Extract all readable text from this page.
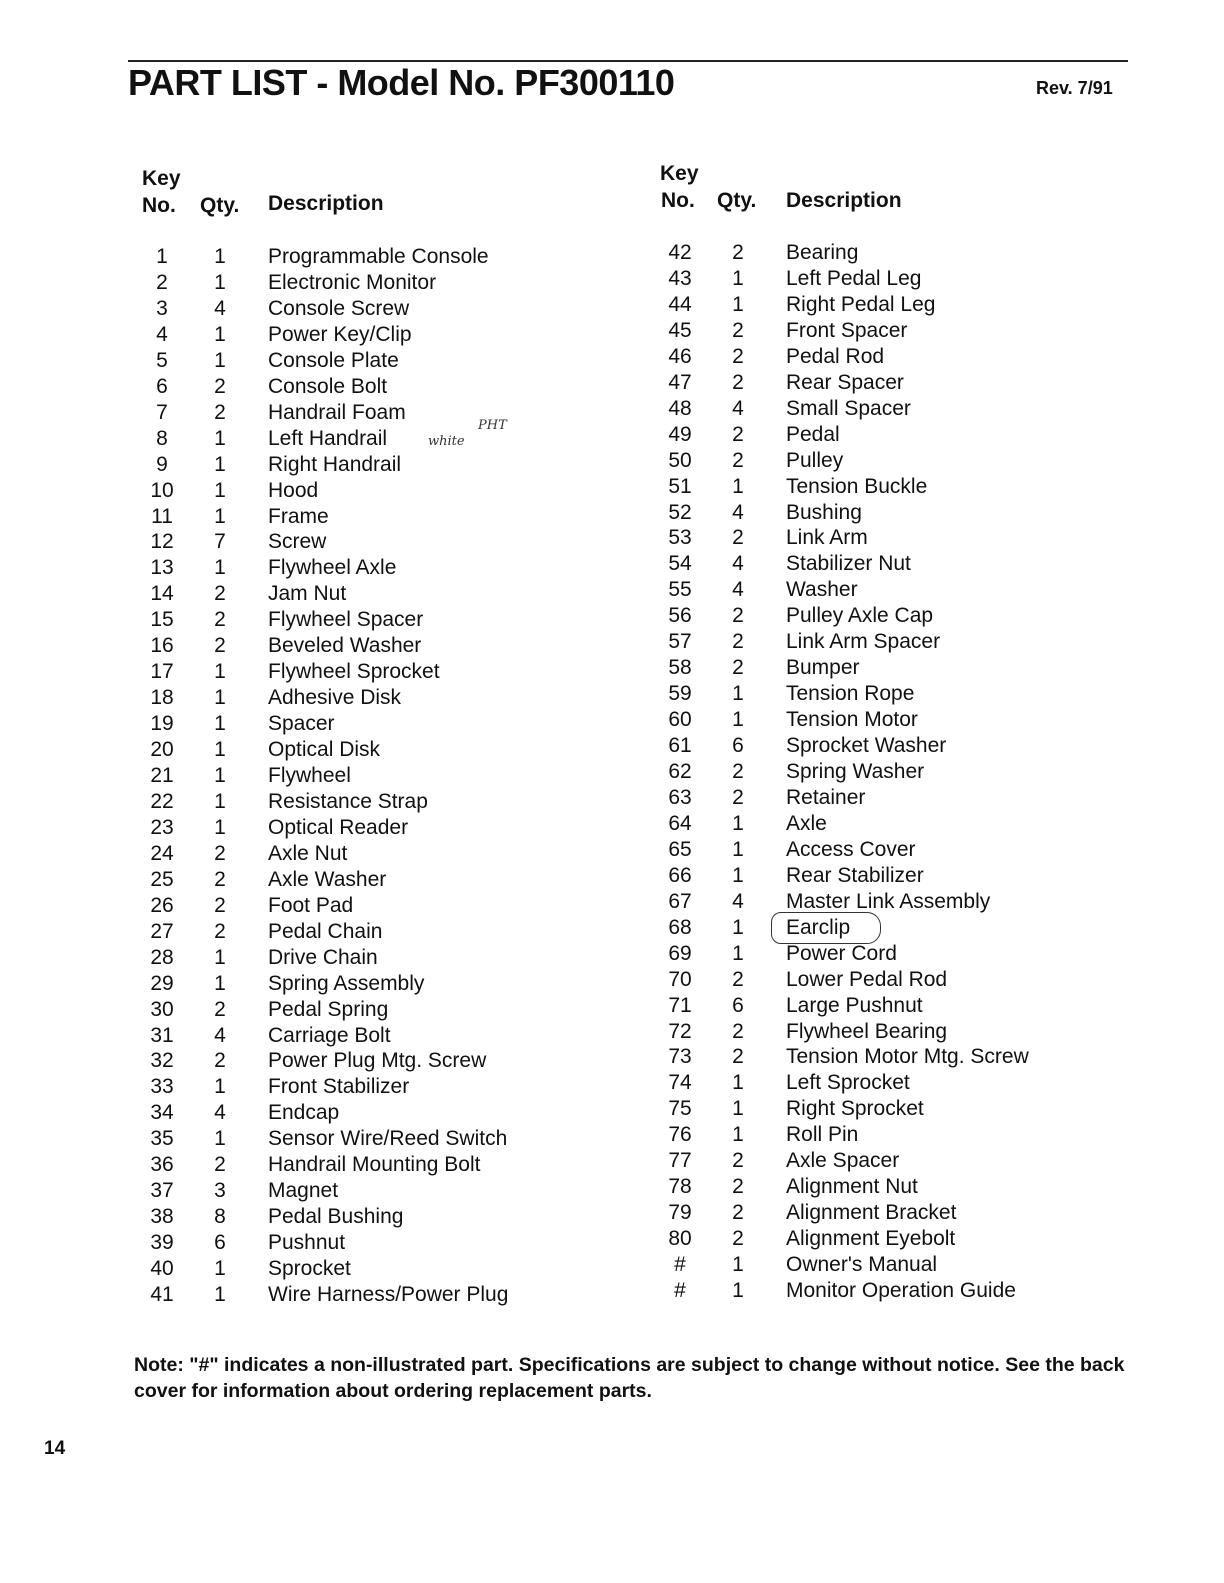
PART LIST - Model No. PF300110	Rev. 7/91
Key
No. Qty. Description
Key
No. Qty. Description
1	1	Programmable Console
2	1	Electronic Monitor
3	4	Console Screw
4	1	Power Key/Clip
5	1	Console Plate
6	2	Console Bolt
7	2	Handrail Foam
8	1	Left Handrail
9	1	Right Handrail
10	1	Hood
11	1	Frame
12	7	Screw
13	1	Flywheel Axle
14	2	Jam Nut
15	2	Flywheel Spacer
16	2	Beveled Washer
17	1	Flywheel Sprocket
18	1	Adhesive Disk
19	1	Spacer
20	1	Optical Disk
21	1	Flywheel
22	1	Resistance Strap
23	1	Optical Reader
24	2	Axle Nut
25	2	Axle Washer
26	2	Foot Pad
27	2	Pedal Chain
28	1	Drive Chain
29	1	Spring Assembly
30	2	Pedal Spring
31	4	Carriage Bolt
32	2	Power Plug Mtg. Screw
33	1	Front Stabilizer
34	4	Endcap
35	1	Sensor Wire/Reed Switch
36	2	Handrail Mounting Bolt
37	3	Magnet
38	8	Pedal Bushing
39	6	Pushnut
40	1	Sprocket
41	1	Wire Harness/Power Plug
42	2	Bearing
43	1	Left Pedal Leg
44	1	Right Pedal Leg
45	2	Front Spacer
46	2	Pedal Rod
47	2	Rear Spacer
48	4	Small Spacer
49	2	Pedal
50	2	Pulley
51	1	Tension Buckle
52	4	Bushing
53	2	Link Arm
54	4	Stabilizer Nut
55	4	Washer
56	2	Pulley Axle Cap
57	2	Link Arm Spacer
58	2	Bumper
59	1	Tension Rope
60	1	Tension Motor
61	6	Sprocket Washer
62	2	Spring Washer
63	2	Retainer
64	1	Axle
65	1	Access Cover
66	1	Rear Stabilizer
67	4	Master Link Assembly
68	1	Earclip
69	1	Power Cord
70	2	Lower Pedal Rod
71	6	Large Pushnut
72	2	Flywheel Bearing
73	2	Tension Motor Mtg. Screw
74	1	Left Sprocket
75	1	Right Sprocket
76	1	Roll Pin
77	2	Axle Spacer
78	2	Alignment Nut
79	2	Alignment Bracket
80	2	Alignment Eyebolt
#	1	Owner's Manual
#	1	Monitor Operation Guide
white
PHT
Note: "#" indicates a non-illustrated part. Specifications are subject to change without notice. See the back cover for information about ordering replacement parts.
14
